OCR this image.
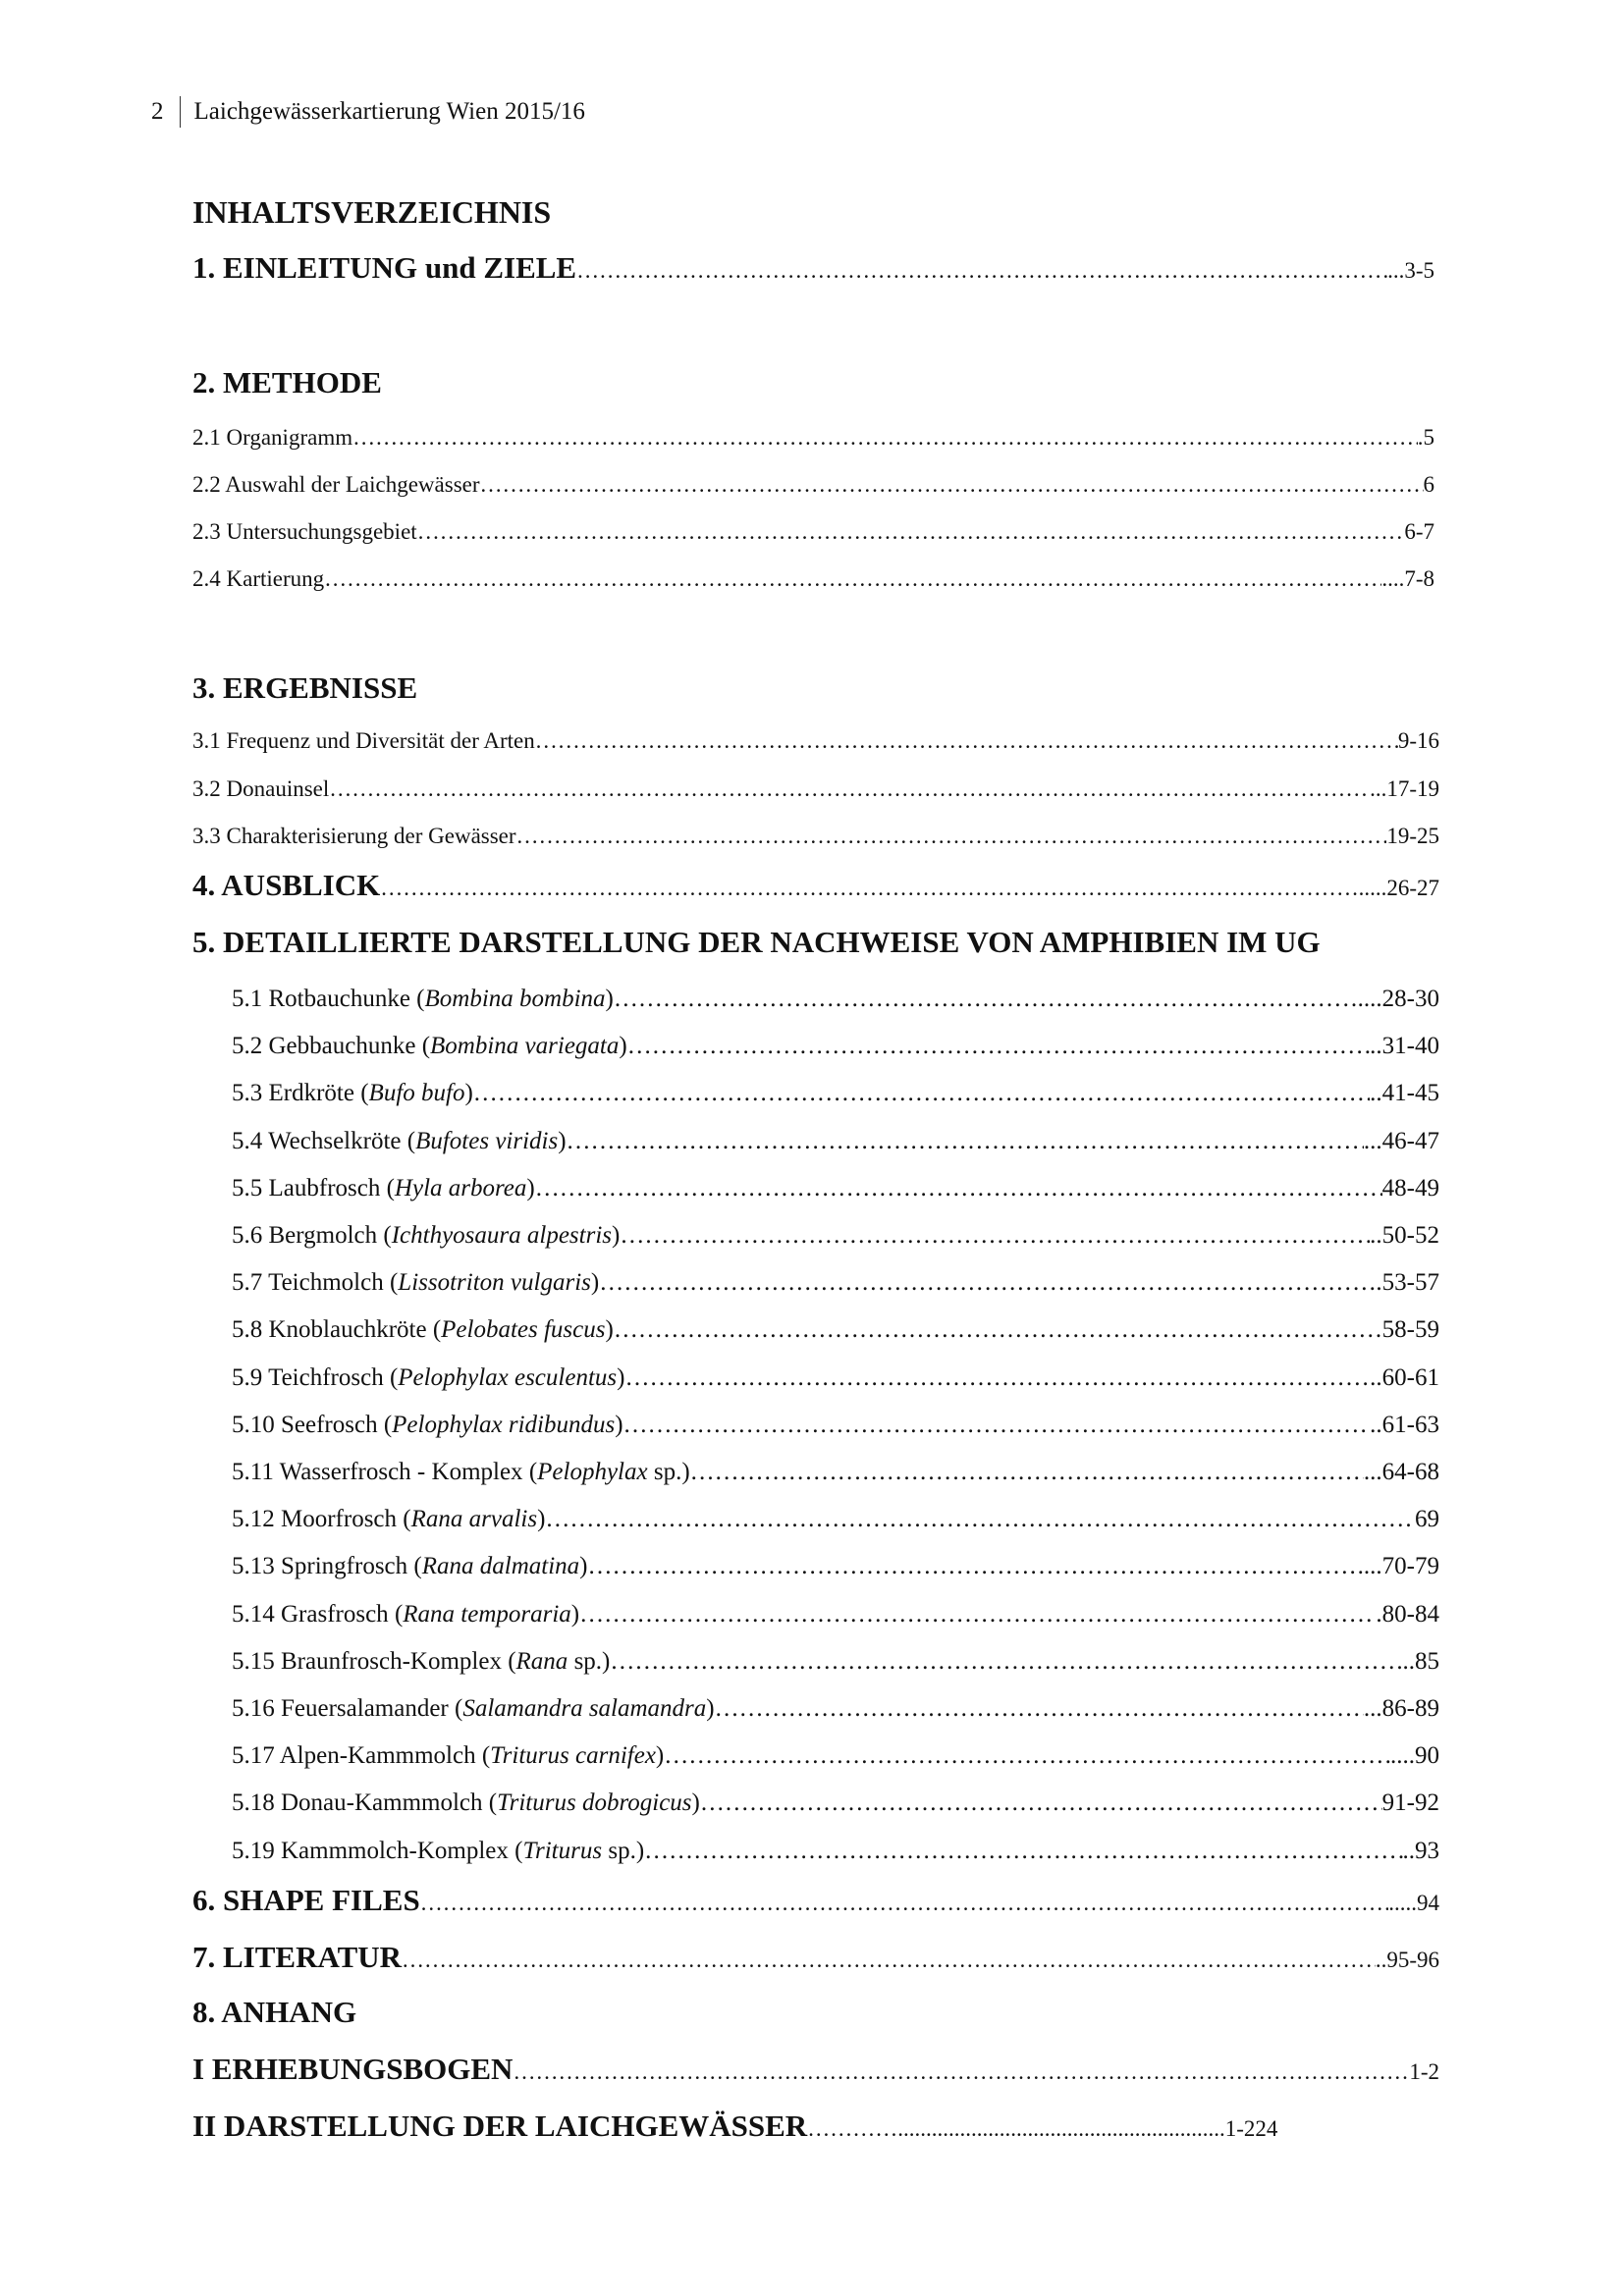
2 Laichgewässerkartierung Wien 2015/16
INHALTSVERZEICHNIS
1. EINLEITUNG und ZIELE ……………………………………………………………………………………………………………………………………………………………………………………………………………………………………………………………………………	...3-5
2. METHODE
2.1 Organigramm ……………………………………………………………………………………………………………………………………………………………………………………………………………………………………………………………………………	.5
2.2 Auswahl der Laichgewässer ……………………………………………………………………………………………………………………………………………………………………………………………………………………………………………………………………………	6
2.3 Untersuchungsgebiet ……………………………………………………………………………………………………………………………………………………………………………………………………………………………………………………………………………	6-7
2.4 Kartierung ……………………………………………………………………………………………………………………………………………………………………………………………………………………………………………………………………………	....7-8
3. ERGEBNISSE
3.1 Frequenz und Diversität der Arten ……………………………………………………………………………………………………………………………………………………………………………………………………………………………………………………………………………	9-16
3.2 Donauinsel ……………………………………………………………………………………………………………………………………………………………………………………………………………………………………………………………………………	...17-19
3.3 Charakterisierung der Gewässer ……………………………………………………………………………………………………………………………………………………………………………………………………………………………………………………………………………	19-25
4. AUSBLICK ……………………………………………………………………………………………………………………………………………………………………………………………………………………………………………………………………………	.....26-27
5. DETAILLIERTE DARSTELLUNG DER NACHWEISE VON AMPHIBIEN IM UG
5.1 Rotbauchunke (Bombina bombina) ……………………………………………………………………………………………………………………………………………………………………………………………………………………………………………………………………………	....28-30
5.2 Gebbauchunke (Bombina variegata) ……………………………………………………………………………………………………………………………………………………………………………………………………………………………………………………………………………	..31-40
5.3 Erdkröte (Bufo bufo) ……………………………………………………………………………………………………………………………………………………………………………………………………………………………………………………………………………	..41-45
5.4 Wechselkröte (Bufotes viridis) ……………………………………………………………………………………………………………………………………………………………………………………………………………………………………………………………………………	...46-47
5.5 Laubfrosch (Hyla arborea) ……………………………………………………………………………………………………………………………………………………………………………………………………………………………………………………………………………	48-49
5.6 Bergmolch (Ichthyosaura alpestris) ……………………………………………………………………………………………………………………………………………………………………………………………………………………………………………………………………………	..50-52
5.7 Teichmolch (Lissotriton vulgaris) ……………………………………………………………………………………………………………………………………………………………………………………………………………………………………………………………………………	.53-57
5.8 Knoblauchkröte (Pelobates fuscus) ……………………………………………………………………………………………………………………………………………………………………………………………………………………………………………………………………………	58-59
5.9 Teichfrosch (Pelophylax esculentus) ……………………………………………………………………………………………………………………………………………………………………………………………………………………………………………………………………………	..60-61
5.10 Seefrosch (Pelophylax ridibundus) ……………………………………………………………………………………………………………………………………………………………………………………………………………………………………………………………………………	..61-63
5.11 Wasserfrosch - Komplex (Pelophylax sp.) ……………………………………………………………………………………………………………………………………………………………………………………………………………………………………………………………………………	...64-68
5.12 Moorfrosch (Rana arvalis) ……………………………………………………………………………………………………………………………………………………………………………………………………………………………………………………………………………	69
5.13 Springfrosch (Rana dalmatina) ……………………………………………………………………………………………………………………………………………………………………………………………………………………………………………………………………………	....70-79
5.14 Grasfrosch (Rana temporaria) ……………………………………………………………………………………………………………………………………………………………………………………………………………………………………………………………………………	.80-84
5.15 Braunfrosch-Komplex (Rana sp.) ……………………………………………………………………………………………………………………………………………………………………………………………………………………………………………………………………………	..85
5.16 Feuersalamander (Salamandra salamandra) ……………………………………………………………………………………………………………………………………………………………………………………………………………………………………………………………………………	...86-89
5.17 Alpen-Kammmolch (Triturus carnifex) ……………………………………………………………………………………………………………………………………………………………………………………………………………………………………………………………………………	....90
5.18 Donau-Kammmolch (Triturus dobrogicus) ……………………………………………………………………………………………………………………………………………………………………………………………………………………………………………………………………………	91-92
5.19 Kammmolch-Komplex (Triturus sp.) ……………………………………………………………………………………………………………………………………………………………………………………………………………………………………………………………………………	..93
6. SHAPE FILES ……………………………………………………………………………………………………………………………………………………………………………………………………………………………………………………………………………	.....94
7. LITERATUR ……………………………………………………………………………………………………………………………………………………………………………………………………………………………………………………………………………	..95-96
8. ANHANG
I ERHEBUNGSBOGEN ……………………………………………………………………………………………………………………………………………………………………………………………………………………………………………………………………………	1-2
II DARSTELLUNG DER LAICHGEWÄSSER …………	..........................................................1-224
